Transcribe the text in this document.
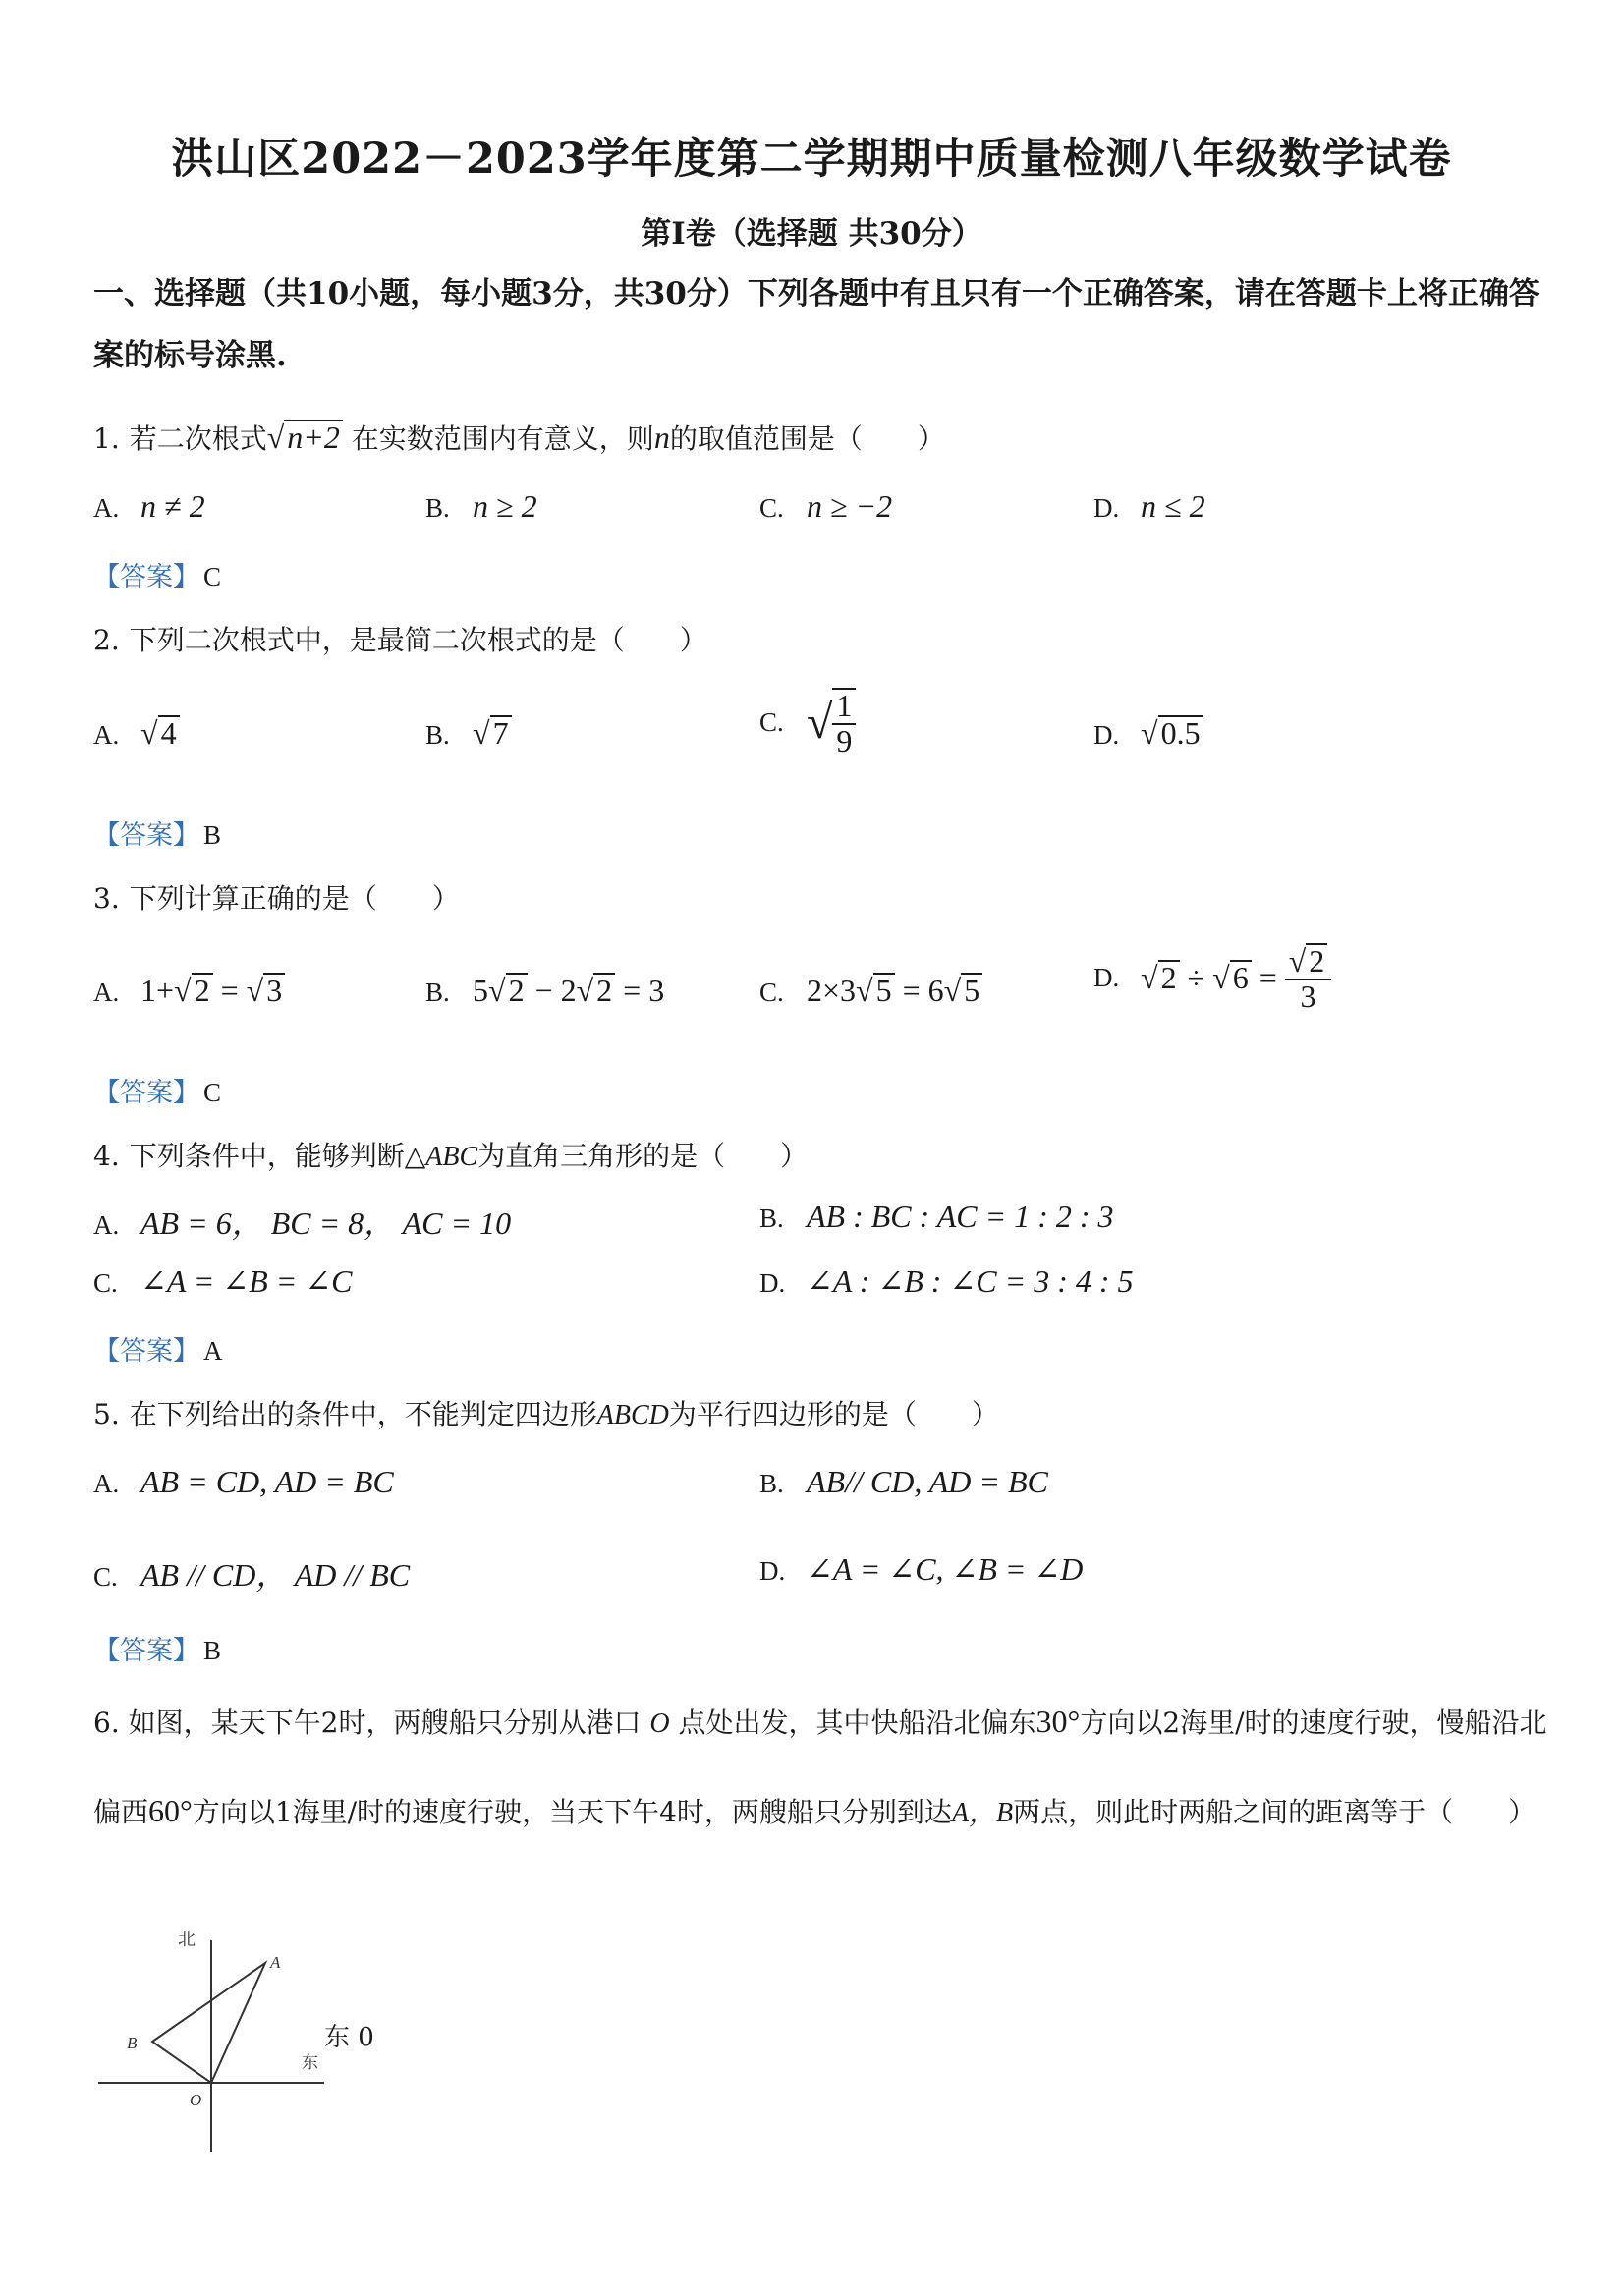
洪山区2022－2023学年度第二学期期中质量检测八年级数学试卷
第I卷（选择题 共30分）
一、选择题（共10小题，每小题3分，共30分）下列各题中有且只有一个正确答案，请在答题卡上将正确答案的标号涂黑.
1. 若二次根式√n+2 在实数范围内有意义，则n的取值范围是（　　）
A. n ≠ 2	B. n ≥ 2	C. n ≥ −2	D. n ≤ 2
【答案】 C
2. 下列二次根式中，是最简二次根式的是（　　）
A. √4	B. √7	C. √ $\frac{1}{9}$	D. √0.5
【答案】 B
3. 下列计算正确的是（　　）
A. 1+√2 = √3	B. 5√2 − 2√2 = 3	C. 2×3√5 = 6√5	D. $√2 \div √6 = \frac{√2}{3}$
【答案】 C
4. 下列条件中，能够判断△ABC为直角三角形的是（　　）
A. AB = 6， BC = 8， AC = 10	B. AB : BC : AC = 1 : 2 : 3
C. ∠A = ∠B = ∠C	D. ∠A : ∠B : ∠C = 3 : 4 : 5
【答案】 A
5. 在下列给出的条件中，不能判定四边形ABCD为平行四边形的是（　　）
A. AB = CD, AD = BC	B. AB// CD, AD = BC
C. AB // CD， AD // BC	D. ∠A = ∠C, ∠B = ∠D
【答案】 B
6. 如图，某天下午2时，两艘船只分别从港口 O 点处出发，其中快船沿北偏东30°方向以2海里/时的速度行驶，慢船沿北偏西60°方向以1海里/时的速度行驶，当天下午4时，两艘船只分别到达A，B两点，则此时两船之间的距离等于（　　）
北
东
东 0
A
B
O
